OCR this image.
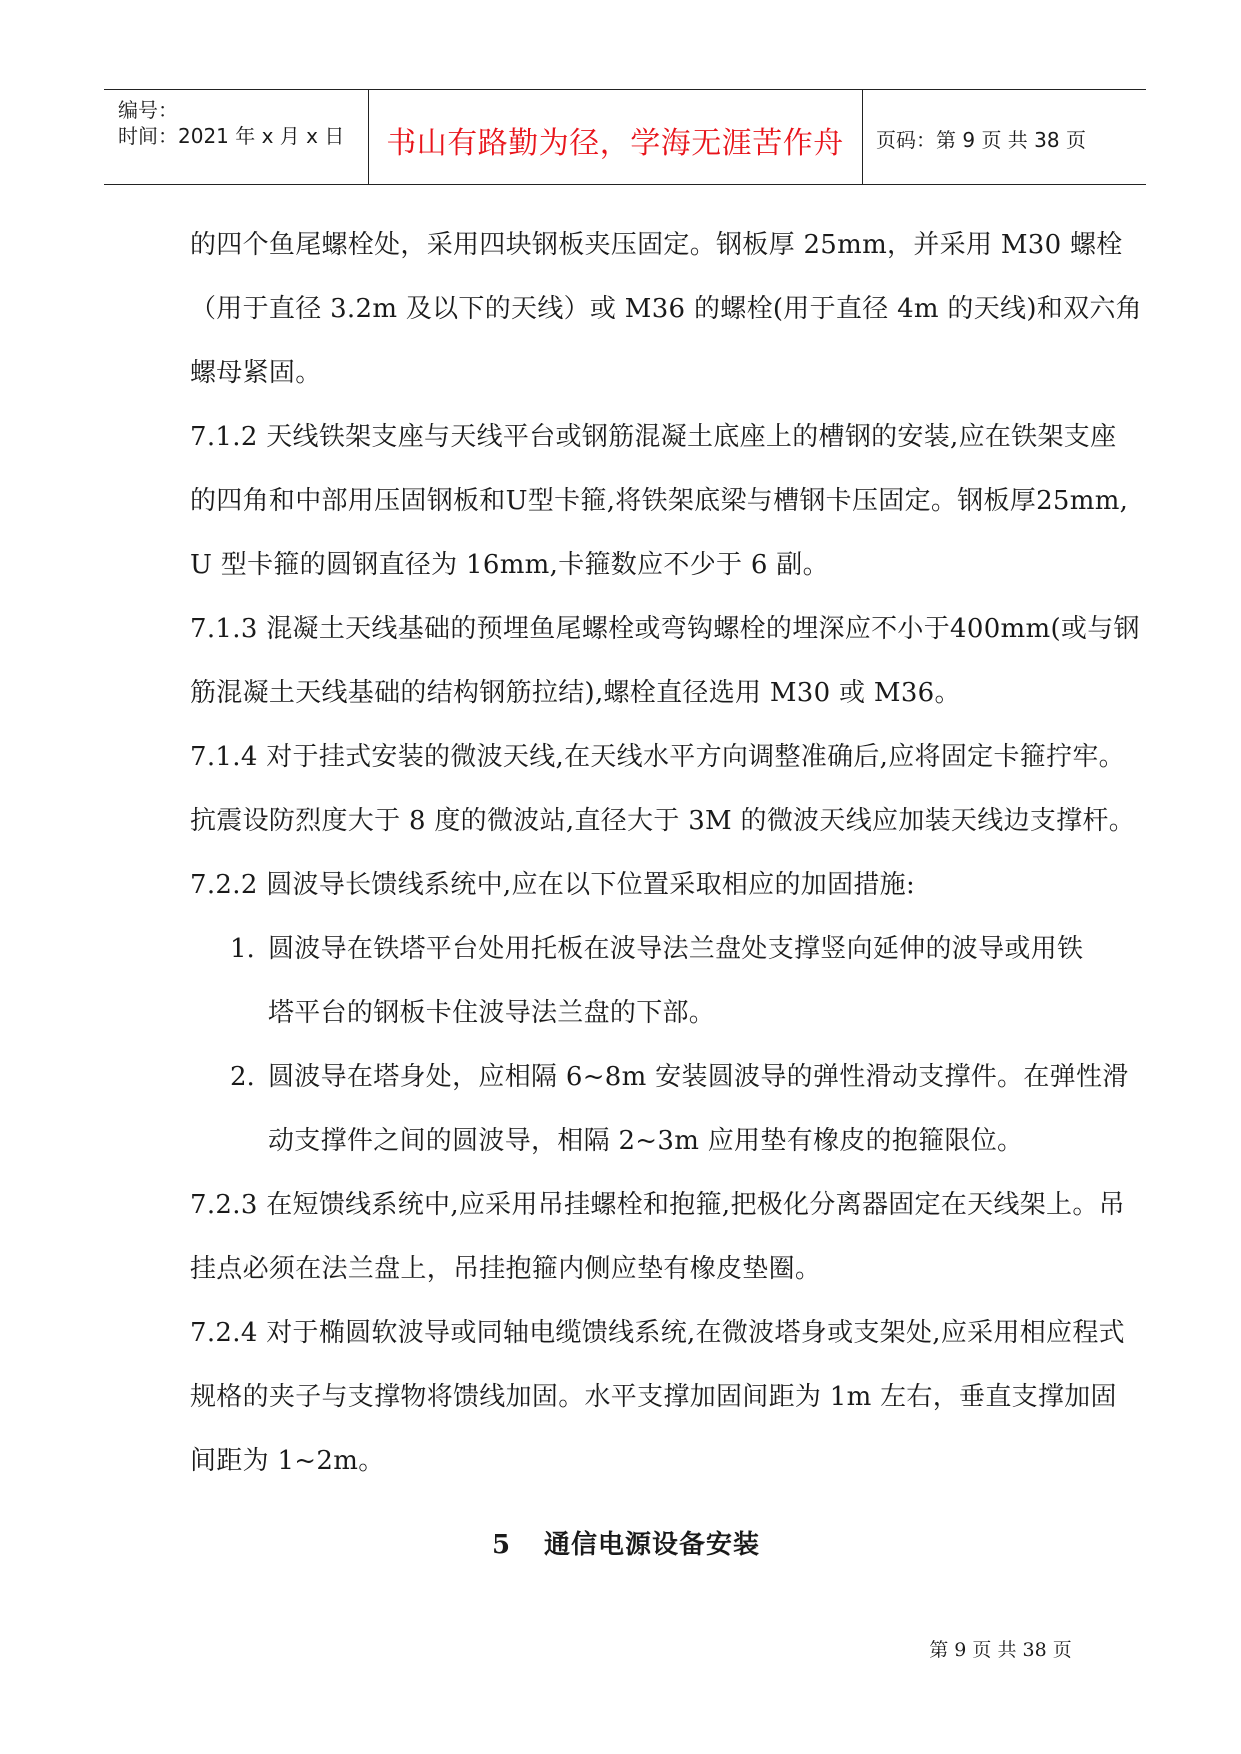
编号：
时间：2021 年 x 月 x 日	书山有路勤为径，学海无涯苦作舟	页码：第 9 页 共 38 页
的四个鱼尾螺栓处，采用四块钢板夹压固定。钢板厚 25mm，并采用 M30 螺栓
（用于直径 3.2m 及以下的天线）或 M36 的螺栓(用于直径 4m 的天线)和双六角
螺母紧固。
7.1.2 天线铁架支座与天线平台或钢筋混凝土底座上的槽钢的安装,应在铁架支座
的四角和中部用压固钢板和U型卡箍,将铁架底梁与槽钢卡压固定。钢板厚25mm,
U 型卡箍的圆钢直径为 16mm,卡箍数应不少于 6 副。
7.1.3 混凝土天线基础的预埋鱼尾螺栓或弯钩螺栓的埋深应不小于400mm(或与钢
筋混凝土天线基础的结构钢筋拉结),螺栓直径选用 M30 或 M36。
7.1.4 对于挂式安装的微波天线,在天线水平方向调整准确后,应将固定卡箍拧牢。
抗震设防烈度大于 8 度的微波站,直径大于 3M 的微波天线应加装天线边支撑杆。
7.2.2 圆波导长馈线系统中,应在以下位置采取相应的加固措施:
1. 圆波导在铁塔平台处用托板在波导法兰盘处支撑竖向延伸的波导或用铁
塔平台的钢板卡住波导法兰盘的下部。
2. 圆波导在塔身处，应相隔 6~8m 安装圆波导的弹性滑动支撑件。在弹性滑
动支撑件之间的圆波导，相隔 2~3m 应用垫有橡皮的抱箍限位。
7.2.3 在短馈线系统中,应采用吊挂螺栓和抱箍,把极化分离器固定在天线架上。吊
挂点必须在法兰盘上，吊挂抱箍内侧应垫有橡皮垫圈。
7.2.4 对于椭圆软波导或同轴电缆馈线系统,在微波塔身或支架处,应采用相应程式
规格的夹子与支撑物将馈线加固。水平支撑加固间距为 1m 左右，垂直支撑加固
间距为 1~2m。
5 通信电源设备安装
第 9 页 共 38 页
